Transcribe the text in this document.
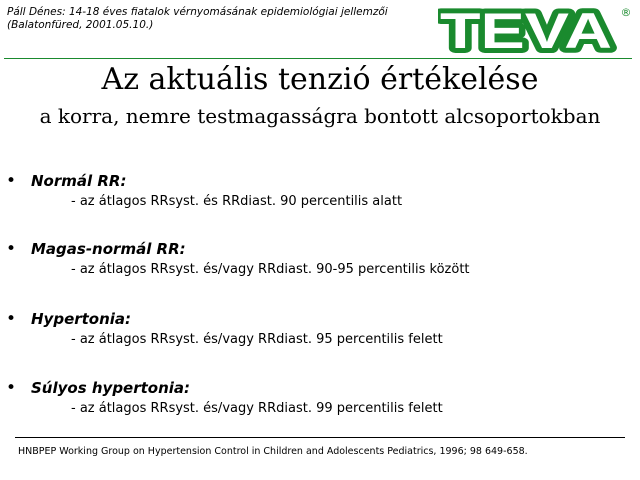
Páll Dénes: 14-18 éves fiatalok vérnyomásának epidemiológiai jellemzői
(Balatonfüred, 2001.05.10.)	TEVA ®
Az aktuális tenzió értékelése
a korra, nemre testmagasságra bontott alcsoportokban
• Normál RR:
- az átlagos RRsyst. és RRdiast. 90 percentilis alatt
• Magas-normál RR:
- az átlagos RRsyst. és/vagy RRdiast. 90-95 percentilis között
• Hypertonia:
- az átlagos RRsyst. és/vagy RRdiast. 95 percentilis felett
• Súlyos hypertonia:
- az átlagos RRsyst. és/vagy RRdiast. 99 percentilis felett
HNBPEP Working Group on Hypertension Control in Children and Adolescents Pediatrics, 1996; 98 649-658.
